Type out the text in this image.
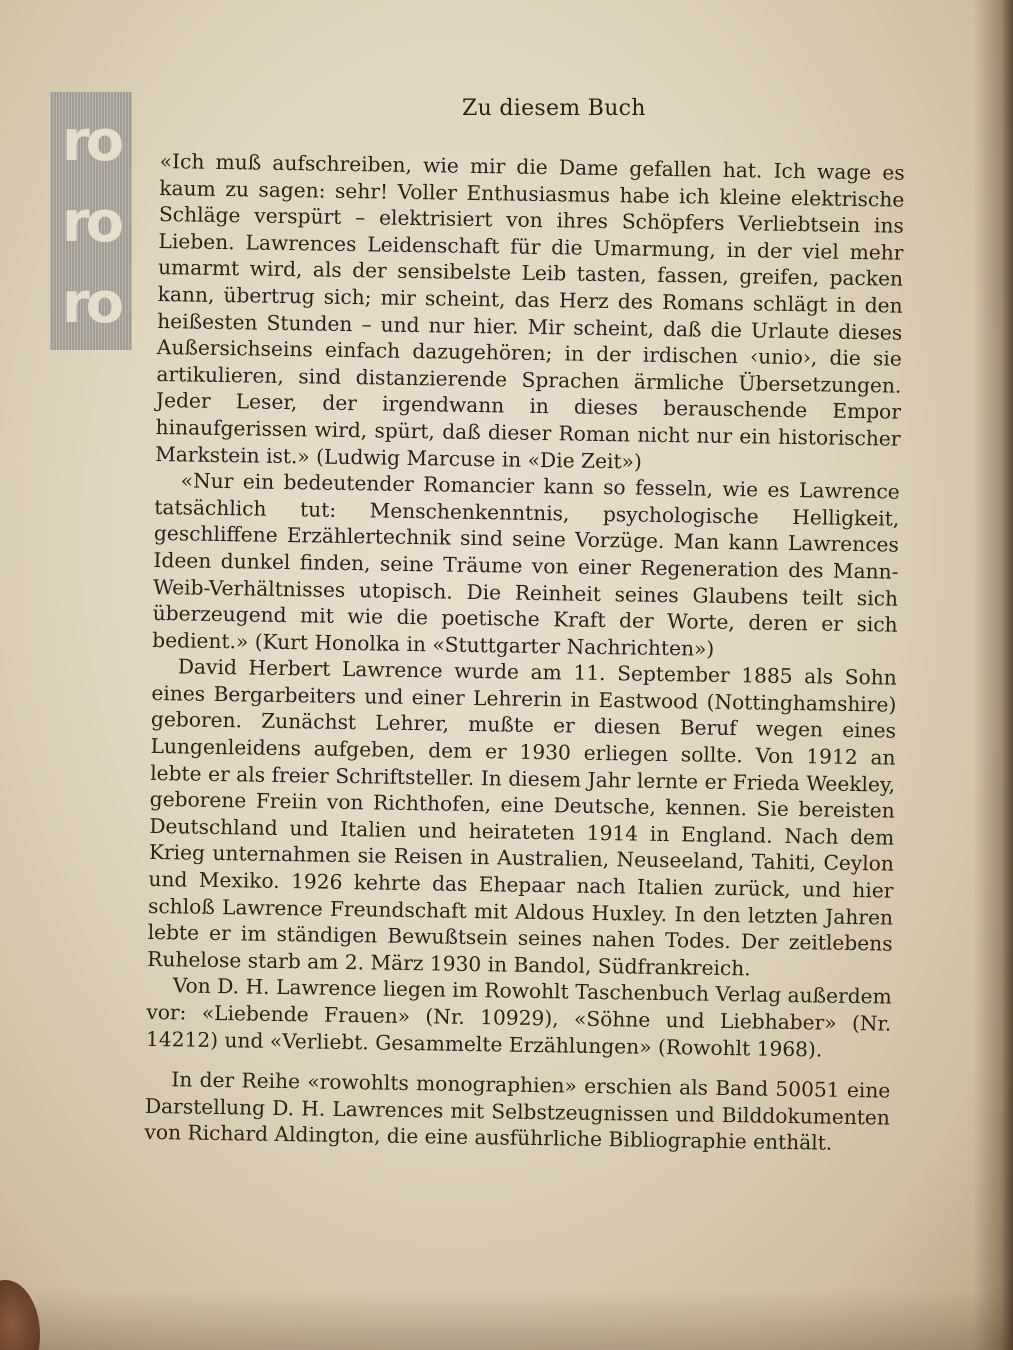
ro
ro
ro
Zu diesem Buch

«Ich muß aufschreiben, wie mir die Dame gefallen hat. Ich wage es kaum zu sagen: sehr! Voller Enthusiasmus habe ich kleine elektrische Schläge verspürt – elektrisiert von ihres Schöpfers Verliebtsein ins Lieben. Lawrences Leidenschaft für die Umarmung, in der viel mehr umarmt wird, als der sensibelste Leib tasten, fassen, greifen, packen kann, übertrug sich; mir scheint, das Herz des Romans schlägt in den heißesten Stunden – und nur hier. Mir scheint, daß die Urlaute dieses Außersichseins einfach dazugehören; in der irdischen ‹unio›, die sie artikulieren, sind distanzierende Sprachen ärmliche Übersetzungen. Jeder Leser, der irgendwann in dieses berauschende Empor hinaufgerissen wird, spürt, daß dieser Roman nicht nur ein historischer Markstein ist.» (Ludwig Marcuse in «Die Zeit»)

«Nur ein bedeutender Romancier kann so fesseln, wie es Lawrence tatsächlich tut: Menschenkenntnis, psychologische Helligkeit, geschliffene Erzählertechnik sind seine Vorzüge. Man kann Lawrences Ideen dunkel finden, seine Träume von einer Regeneration des Mann-Weib-Verhältnisses utopisch. Die Reinheit seines Glaubens teilt sich überzeugend mit wie die poetische Kraft der Worte, deren er sich bedient.» (Kurt Honolka in «Stuttgarter Nachrichten»)

David Herbert Lawrence wurde am 11. September 1885 als Sohn eines Bergarbeiters und einer Lehrerin in Eastwood (Nottinghamshire) geboren. Zunächst Lehrer, mußte er diesen Beruf wegen eines Lungenleidens aufgeben, dem er 1930 erliegen sollte. Von 1912 an lebte er als freier Schriftsteller. In diesem Jahr lernte er Frieda Weekley, geborene Freiin von Richthofen, eine Deutsche, kennen. Sie bereisten Deutschland und Italien und heirateten 1914 in England. Nach dem Krieg unternahmen sie Reisen in Australien, Neuseeland, Tahiti, Ceylon und Mexiko. 1926 kehrte das Ehepaar nach Italien zurück, und hier schloß Lawrence Freundschaft mit Aldous Huxley. In den letzten Jahren lebte er im ständigen Bewußtsein seines nahen Todes. Der zeitlebens Ruhelose starb am 2. März 1930 in Bandol, Südfrankreich.

Von D. H. Lawrence liegen im Rowohlt Taschenbuch Verlag außerdem vor: «Liebende Frauen» (Nr. 10929), «Söhne und Liebhaber» (Nr. 14212) und «Verliebt. Gesammelte Erzählungen» (Rowohlt 1968).

In der Reihe «rowohlts monographien» erschien als Band 50051 eine Darstellung D. H. Lawrences mit Selbstzeugnissen und Bilddokumenten von Richard Aldington, die eine ausführliche Bibliographie enthält.
